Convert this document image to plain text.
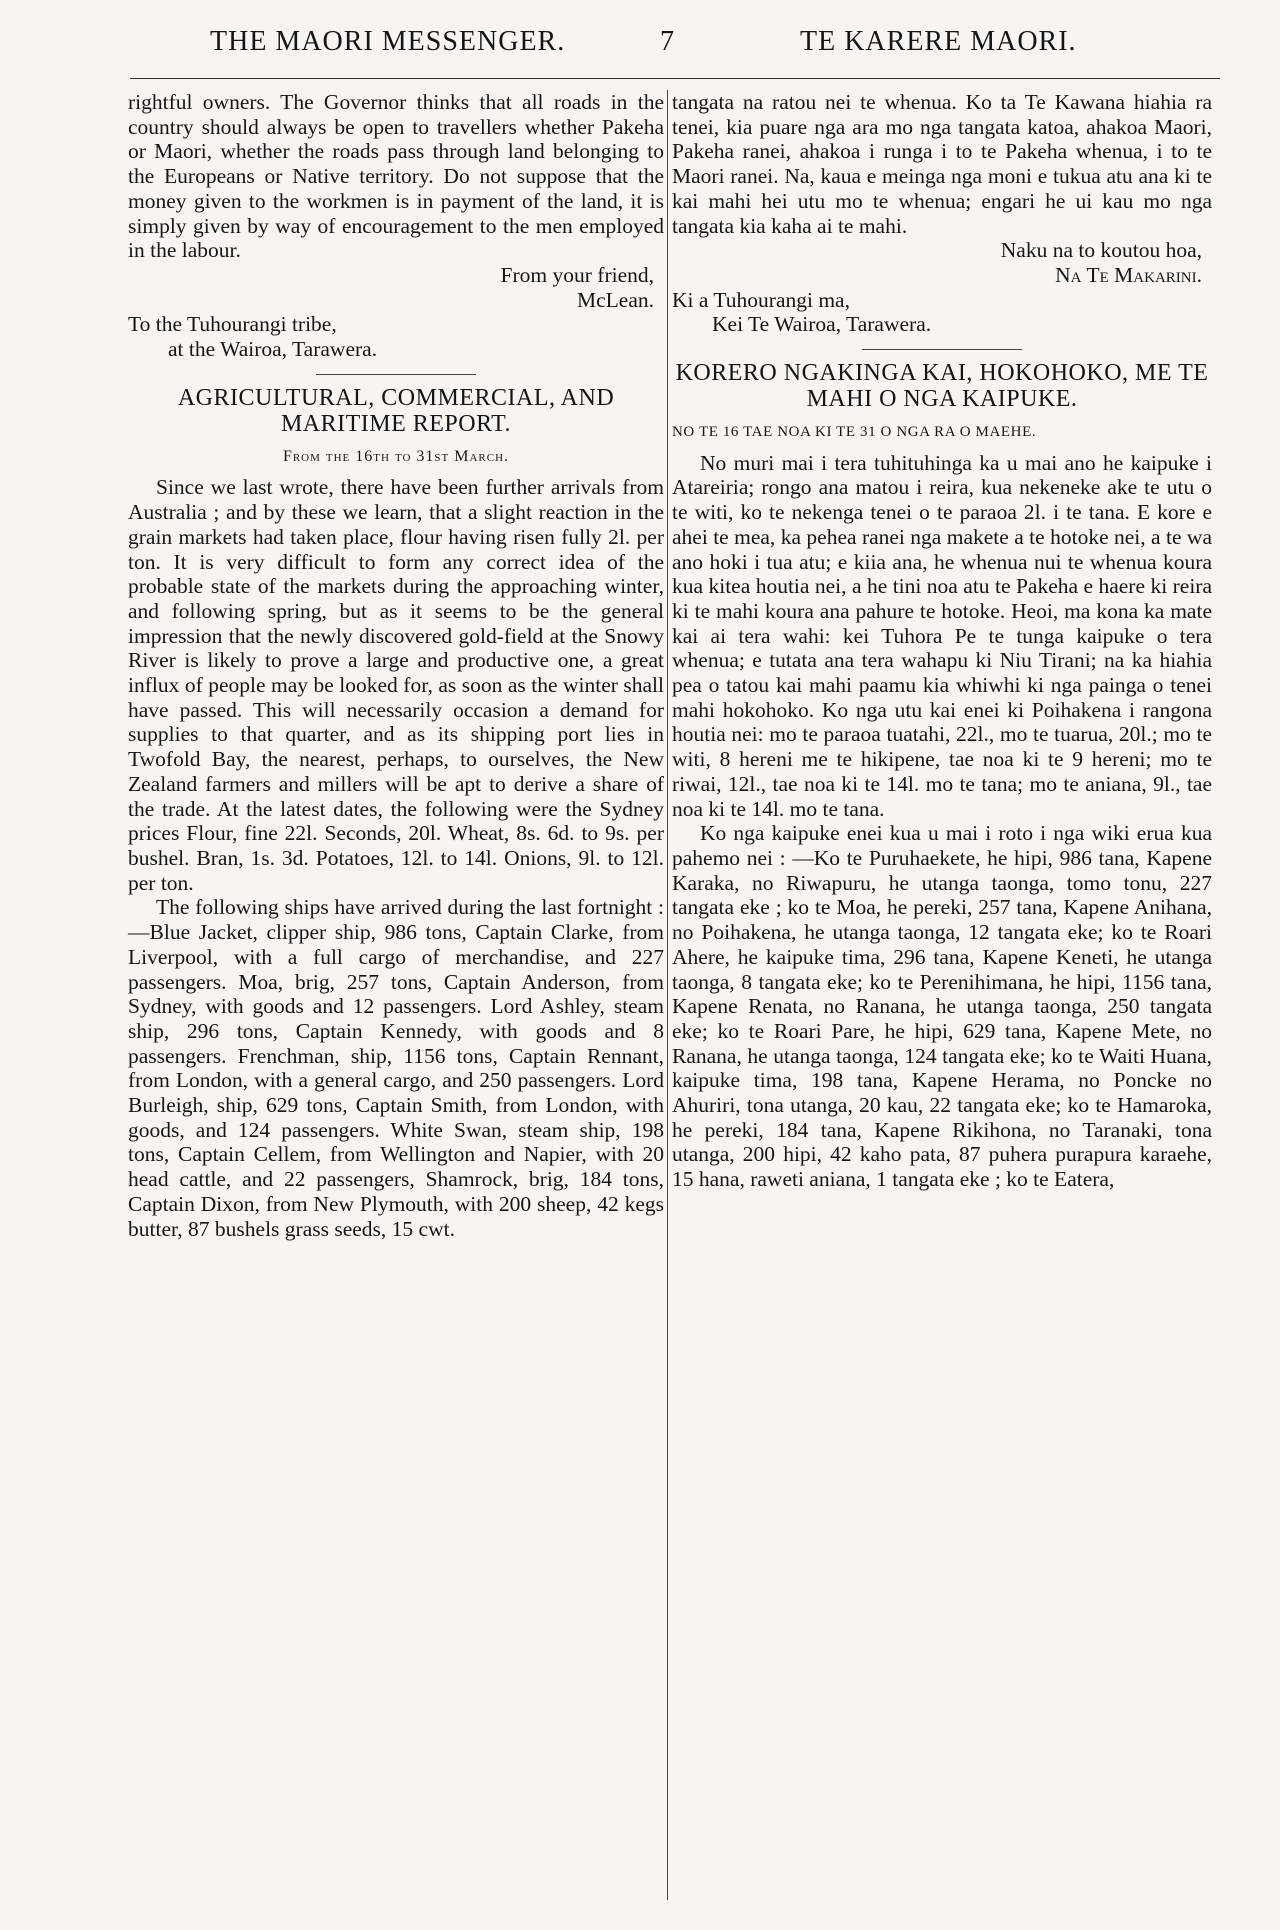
THE MAORI MESSENGER.	7	TE KARERE MAORI.

rightful owners. The Governor thinks that all roads in the country should always be open to travellers whether Pakeha or Maori, whether the roads pass through land belonging to the Europeans or Native territory. Do not suppose that the money given to the workmen is in payment of the land, it is simply given by way of encouragement to the men employed in the labour.

From your friend,

McLean.

To the Tuhourangi tribe,

at the Wairoa, Tarawera.

AGRICULTURAL, COMMERCIAL, AND MARITIME REPORT.
From the 16th to 31st March.

Since we last wrote, there have been further arrivals from Australia ; and by these we learn, that a slight reaction in the grain markets had taken place, flour having risen fully 2l. per ton. It is very difficult to form any correct idea of the probable state of the markets during the approaching winter, and following spring, but as it seems to be the general impression that the newly discovered gold-field at the Snowy River is likely to prove a large and productive one, a great influx of people may be looked for, as soon as the winter shall have passed. This will necessarily occasion a demand for supplies to that quarter, and as its shipping port lies in Twofold Bay, the nearest, perhaps, to ourselves, the New Zealand farmers and millers will be apt to derive a share of the trade. At the latest dates, the following were the Sydney prices Flour, fine 22l. Seconds, 20l. Wheat, 8s. 6d. to 9s. per bushel. Bran, 1s. 3d. Potatoes, 12l. to 14l. Onions, 9l. to 12l. per ton.

The following ships have arrived during the last fortnight :—Blue Jacket, clipper ship, 986 tons, Captain Clarke, from Liverpool, with a full cargo of merchandise, and 227 passengers. Moa, brig, 257 tons, Captain Anderson, from Sydney, with goods and 12 passengers. Lord Ashley, steam ship, 296 tons, Captain Kennedy, with goods and 8 passengers. Frenchman, ship, 1156 tons, Captain Rennant, from London, with a general cargo, and 250 passengers. Lord Burleigh, ship, 629 tons, Captain Smith, from London, with goods, and 124 passengers. White Swan, steam ship, 198 tons, Captain Cellem, from Wellington and Napier, with 20 head cattle, and 22 passengers, Shamrock, brig, 184 tons, Captain Dixon, from New Plymouth, with 200 sheep, 42 kegs butter, 87 bushels grass seeds, 15 cwt.

tangata na ratou nei te whenua. Ko ta Te Kawana hiahia ra tenei, kia puare nga ara mo nga tangata katoa, ahakoa Maori, Pakeha ranei, ahakoa i runga i to te Pakeha whenua, i to te Maori ranei. Na, kaua e meinga nga moni e tukua atu ana ki te kai mahi hei utu mo te whenua; engari he ui kau mo nga tangata kia kaha ai te mahi.

Naku na to koutou hoa,

Na Te Makarini.

Ki a Tuhourangi ma,

Kei Te Wairoa, Tarawera.

KORERO NGAKINGA KAI, HOKOHOKO, ME TE MAHI O NGA KAIPUKE.
NO TE 16 TAE NOA KI TE 31 O NGA RA O MAEHE.

No muri mai i tera tuhituhinga ka u mai ano he kaipuke i Atareiria; rongo ana matou i reira, kua nekeneke ake te utu o te witi, ko te nekenga tenei o te paraoa 2l. i te tana. E kore e ahei te mea, ka pehea ranei nga makete a te hotoke nei, a te wa ano hoki i tua atu; e kiia ana, he whenua nui te whenua koura kua kitea houtia nei, a he tini noa atu te Pakeha e haere ki reira ki te mahi koura ana pahure te hotoke. Heoi, ma kona ka mate kai ai tera wahi: kei Tuhora Pe te tunga kaipuke o tera whenua; e tutata ana tera wahapu ki Niu Tirani; na ka hiahia pea o tatou kai mahi paamu kia whiwhi ki nga painga o tenei mahi hokohoko. Ko nga utu kai enei ki Poihakena i rangona houtia nei: mo te paraoa tuatahi, 22l., mo te tuarua, 20l.; mo te witi, 8 hereni me te hikipene, tae noa ki te 9 hereni; mo te riwai, 12l., tae noa ki te 14l. mo te tana; mo te aniana, 9l., tae noa ki te 14l. mo te tana.

Ko nga kaipuke enei kua u mai i roto i nga wiki erua kua pahemo nei : —Ko te Puruhaekete, he hipi, 986 tana, Kapene Karaka, no Riwapuru, he utanga taonga, tomo tonu, 227 tangata eke ; ko te Moa, he pereki, 257 tana, Kapene Anihana, no Poihakena, he utanga taonga, 12 tangata eke; ko te Roari Ahere, he kaipuke tima, 296 tana, Kapene Keneti, he utanga taonga, 8 tangata eke; ko te Perenihimana, he hipi, 1156 tana, Kapene Renata, no Ranana, he utanga taonga, 250 tangata eke; ko te Roari Pare, he hipi, 629 tana, Kapene Mete, no Ranana, he utanga taonga, 124 tangata eke; ko te Waiti Huana, kaipuke tima, 198 tana, Kapene Herama, no Poncke no Ahuriri, tona utanga, 20 kau, 22 tangata eke; ko te Hamaroka, he pereki, 184 tana, Kapene Rikihona, no Taranaki, tona utanga, 200 hipi, 42 kaho pata, 87 puhera purapura karaehe, 15 hana, raweti aniana, 1 tangata eke ; ko te Eatera,
